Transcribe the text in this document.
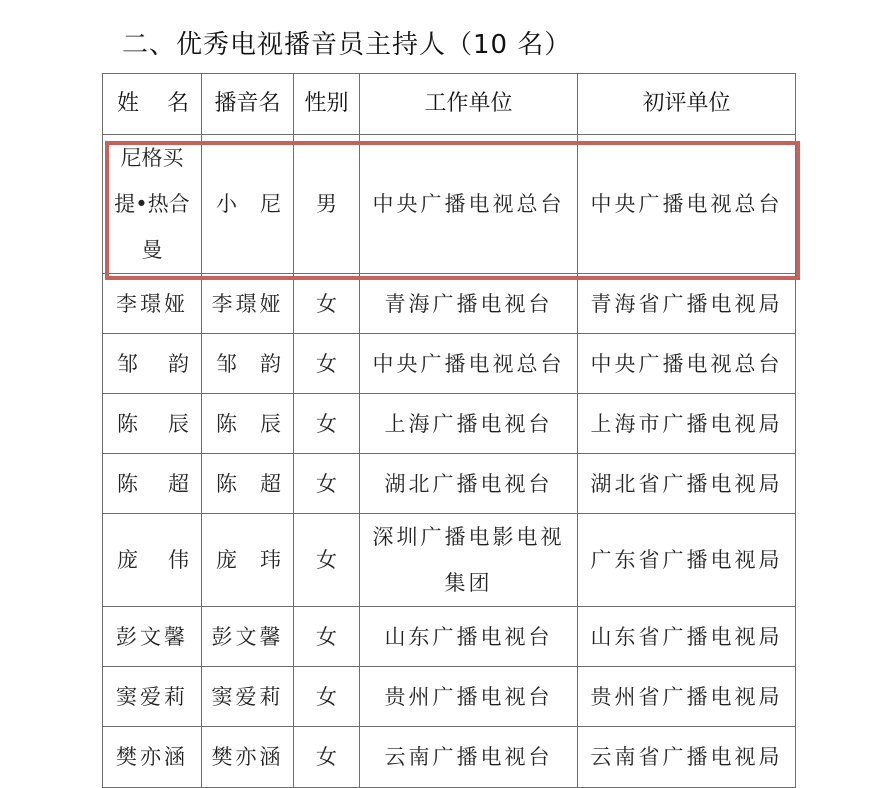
二、优秀电视播音员主持人（10 名）
姓 名	播音名	性别	工作单位	初评单位
尼格买提•热合曼	小 尼	男	中央广播电视总台	中央广播电视总台
李璟娅	李璟娅	女	青海广播电视台	青海省广播电视局

邹 韵	邹 韵	女	中央广播电视总台	中央广播电视总台

陈 辰	陈 辰	女	上海广播电视台	上海市广播电视局

陈 超	陈 超	女	湖北广播电视台	湖北省广播电视局

庞 伟	庞 玮	女	深圳广播电影电视集团	广东省广播电视局
彭文馨	彭文馨	女	山东广播电视台	山东省广播电视局
窦爱莉	窦爱莉	女	贵州广播电视台	贵州省广播电视局
樊亦涵	樊亦涵	女	云南广播电视台	云南省广播电视局
